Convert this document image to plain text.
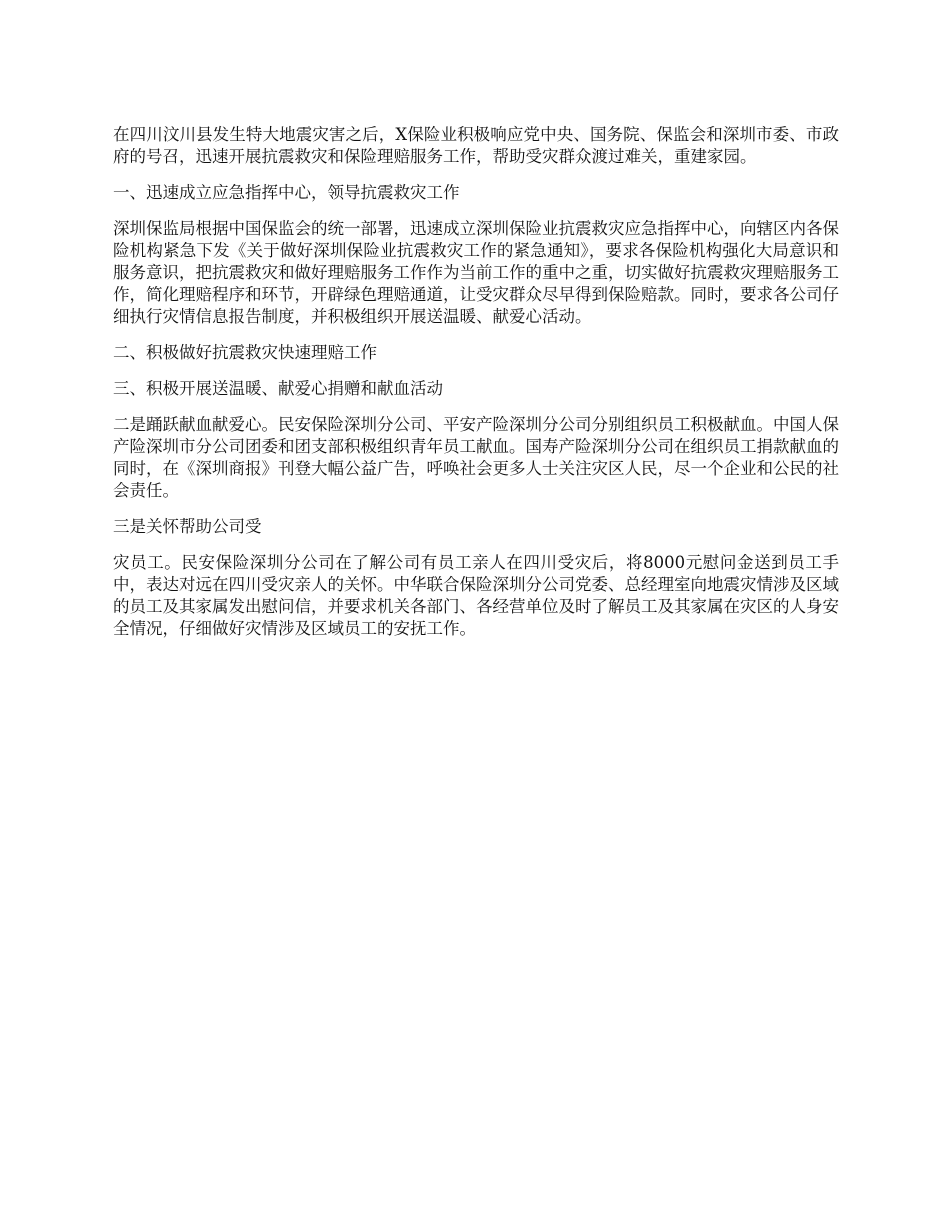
在四川汶川县发生特大地震灾害之后，X保险业积极响应党中央、国务院、保监会和深圳市委、市政府的号召，迅速开展抗震救灾和保险理赔服务工作，帮助受灾群众渡过难关，重建家园。

一、迅速成立应急指挥中心，领导抗震救灾工作

深圳保监局根据中国保监会的统一部署，迅速成立深圳保险业抗震救灾应急指挥中心，向辖区内各保险机构紧急下发《关于做好深圳保险业抗震救灾工作的紧急通知》，要求各保险机构强化大局意识和服务意识，把抗震救灾和做好理赔服务工作作为当前工作的重中之重，切实做好抗震救灾理赔服务工作，简化理赔程序和环节，开辟绿色理赔通道，让受灾群众尽早得到保险赔款。同时，要求各公司仔细执行灾情信息报告制度，并积极组织开展送温暖、献爱心活动。

二、积极做好抗震救灾快速理赔工作

三、积极开展送温暖、献爱心捐赠和献血活动

二是踊跃献血献爱心。民安保险深圳分公司、平安产险深圳分公司分别组织员工积极献血。中国人保产险深圳市分公司团委和团支部积极组织青年员工献血。国寿产险深圳分公司在组织员工捐款献血的同时，在《深圳商报》刊登大幅公益广告，呼唤社会更多人士关注灾区人民，尽一个企业和公民的社会责任。

三是关怀帮助公司受

灾员工。民安保险深圳分公司在了解公司有员工亲人在四川受灾后，将8000元慰问金送到员工手中，表达对远在四川受灾亲人的关怀。中华联合保险深圳分公司党委、总经理室向地震灾情涉及区域的员工及其家属发出慰问信，并要求机关各部门、各经营单位及时了解员工及其家属在灾区的人身安全情况，仔细做好灾情涉及区域员工的安抚工作。
